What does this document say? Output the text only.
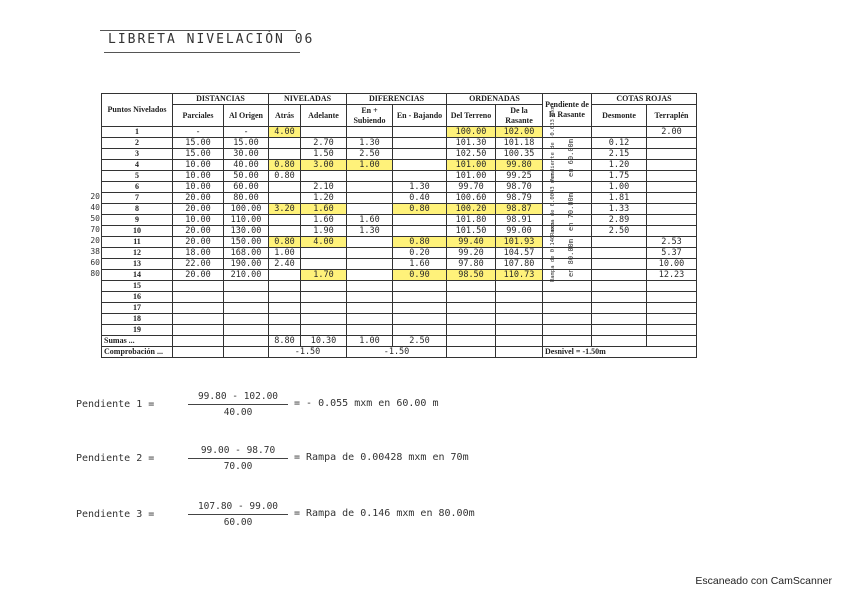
LIBRETA NIVELACIÓN 06
Puntos Nivelados	DISTANCIAS		NIVELADAS		DIFERENCIAS		ORDENADAS		Pendiente de la Rasante	COTAS ROJAS	
	Parciales	Al Origen	Atrás	Adelante	En + Subiendo	En - Bajando	Del Terreno	De la Rasante		Desmonte	Terraplén
1	-	-	4.00				100.00	102.00			2.00
2	15.00	15.00		2.70	1.30		101.30	101.18		0.12	
3	15.00	30.00		1.50	2.50		102.50	100.35		2.15	
4	10.00	40.00	0.80	3.00	1.00		101.00	99.80		1.20	
5	10.00	50.00	0.80				101.00	99.25		1.75	
6	10.00	60.00		2.10		1.30	99.70	98.70		1.00	
7	20.00	80.00		1.20		0.40	100.60	98.79		1.81	
8	20.00	100.00	3.20	1.60		0.80	100.20	98.87		1.33	
9	10.00	110.00		1.60	1.60		101.80	98.91		2.89	
10	20.00	130.00		1.90	1.30		101.50	99.00		2.50	
11	20.00	150.00	0.80	4.00		0.80	99.40	101.93			2.53
12	18.00	168.00	1.00			0.20	99.20	104.57			5.37
13	22.00	190.00	2.40			1.60	97.80	107.80			10.00
14	20.00	210.00		1.70		0.90	98.50	110.73			12.23
15											
16											
17											
18											
19											
Sumas ...			8.80	10.30	1.00	2.50					
Comprobación ...			-1.50		-1.50				Desnivel = -1.50m		
20
40
50
70
20
38
60
80
Pendiente de -0.033 mxm en 60.00m
Rampa de 0.0043 mxm en 70.00m
Rampa de 0.146 mxm en 80.00m
Pendiente 1 =
99.80 - 102.00
40.00
= - 0.055 mxm en 60.00 m
Pendiente 2 =
99.00 - 98.70
70.00
= Rampa de 0.00428 mxm en 70m
Pendiente 3 =
107.80 - 99.00
60.00
= Rampa de 0.146 mxm en 80.00m
Escaneado con CamScanner
